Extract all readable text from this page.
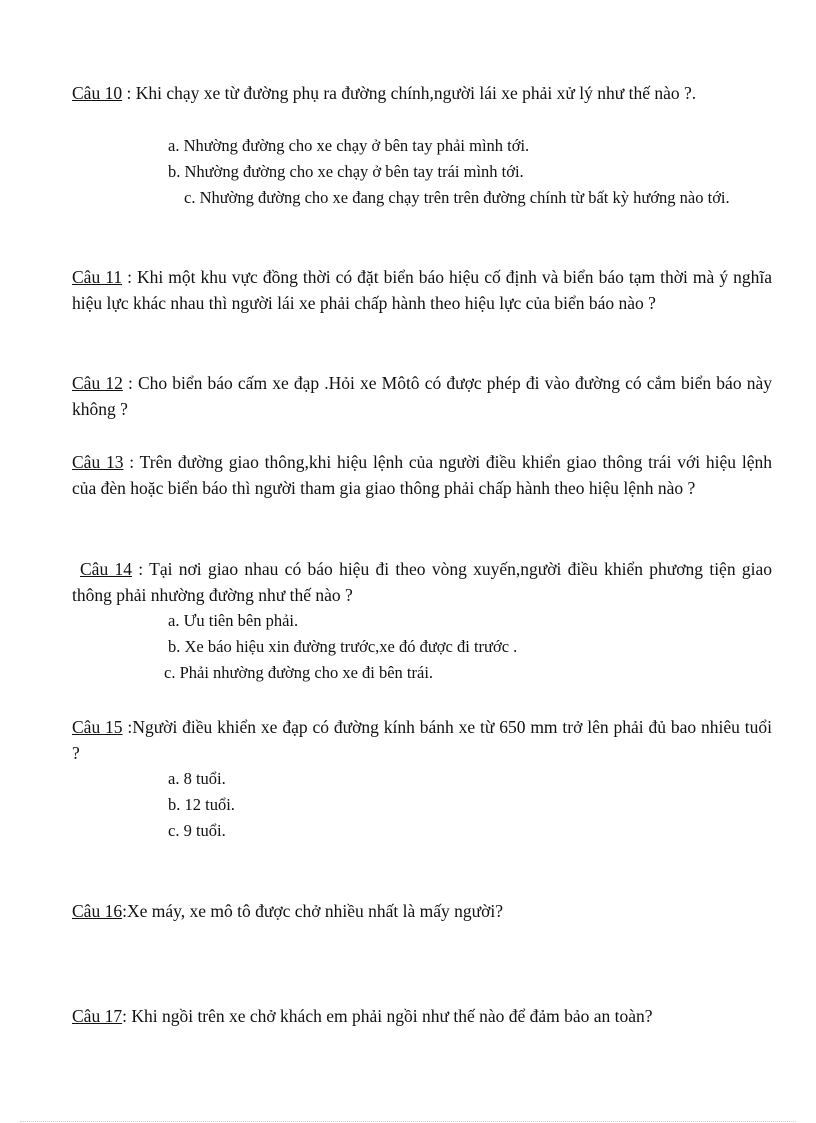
Câu 10 : Khi chạy xe từ đường phụ ra đường chính,người lái xe phải xử lý như thế nào ?.

a. Nhường đường cho xe chạy ở bên tay phải mình tới.
b. Nhường đường cho xe chạy ở bên tay trái mình tới.
c. Nhường đường cho xe đang chạy trên trên đường chính từ bất kỳ hướng nào tới.

Câu 11 : Khi một khu vực đồng thời có đặt biển báo hiệu cố định và biển báo tạm thời mà ý nghĩa hiệu lực khác nhau thì người lái xe phải chấp hành theo hiệu lực của biển báo nào ?

Câu 12 : Cho biển báo cấm xe đạp .Hỏi xe Môtô có được phép đi vào đường có cắm biển báo này không ?

Câu 13 : Trên đường giao thông,khi hiệu lệnh của người điều khiển giao thông trái với hiệu lệnh của đèn hoặc biển báo thì người tham gia giao thông phải chấp hành theo hiệu lệnh nào ?

Câu 14 : Tại nơi giao nhau có báo hiệu đi theo vòng xuyến,người điều khiển phương tiện giao thông phải nhường đường như thế nào ?

a. Ưu tiên bên phải.
b. Xe báo hiệu xin đường trước,xe đó được đi trước .
c. Phải nhường đường cho xe đi bên trái.

Câu 15 :Người điều khiển xe đạp có đường kính bánh xe từ 650 mm trở lên phải đủ bao nhiêu tuổi ?

a. 8 tuổi.
b. 12 tuổi.
c. 9 tuổi.

Câu 16:Xe máy, xe mô tô được chở nhiều nhất là mấy người?

Câu 17: Khi ngồi trên xe chở khách em phải ngồi như thế nào để đảm bảo an toàn?
